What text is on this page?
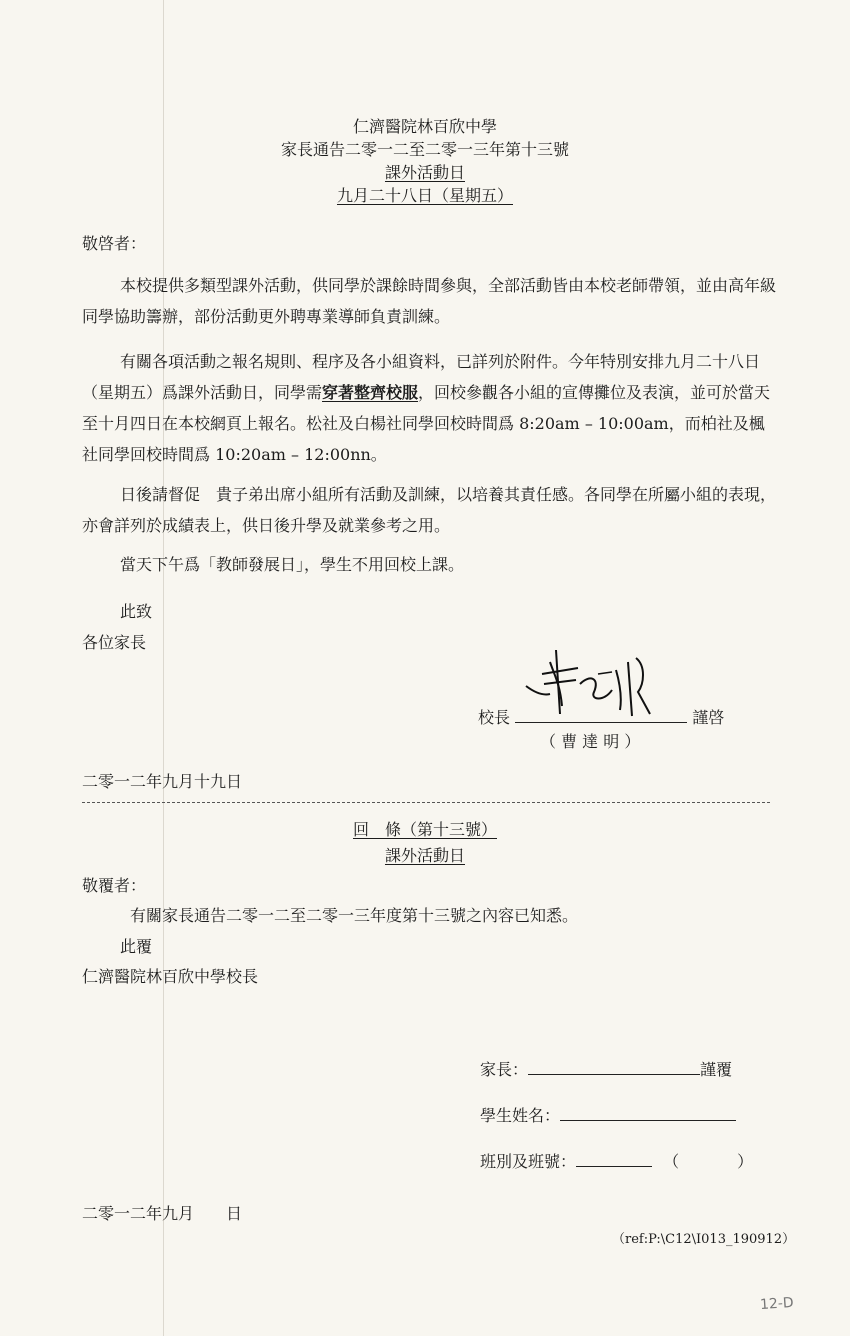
仁濟醫院林百欣中學
家長通告二零一二至二零一三年第十三號
課外活動日
九月二十八日（星期五）
敬啓者：

本校提供多類型課外活動，供同學於課餘時間參與，全部活動皆由本校老師帶領，並由高年級同學協助籌辦，部份活動更外聘專業導師負責訓練。

有關各項活動之報名規則、程序及各小組資料，已詳列於附件。今年特別安排九月二十八日（星期五）爲課外活動日，同學需穿著整齊校服，回校參觀各小組的宣傳攤位及表演，並可於當天至十月四日在本校網頁上報名。松社及白楊社同學回校時間爲 8:20am – 10:00am，而柏社及楓社同學回校時間爲 10:20am – 12:00nn。

日後請督促　貴子弟出席小組所有活動及訓練，以培養其責任感。各同學在所屬小組的表現，亦會詳列於成績表上，供日後升學及就業參考之用。

當天下午爲「教師發展日」，學生不用回校上課。

此致
各位家長
校長	謹啓
（ 曹 達 明 ）
二零一二年九月十九日
回　條（第十三號）
課外活動日
敬覆者：
有關家長通告二零一二至二零一三年度第十三號之內容已知悉。
此覆
仁濟醫院林百欣中學校長
家長：	謹覆
學生姓名：
班別及班號：	（	）
二零一二年九月　　日
（ref:P:\C12\I013_190912）
12-D
